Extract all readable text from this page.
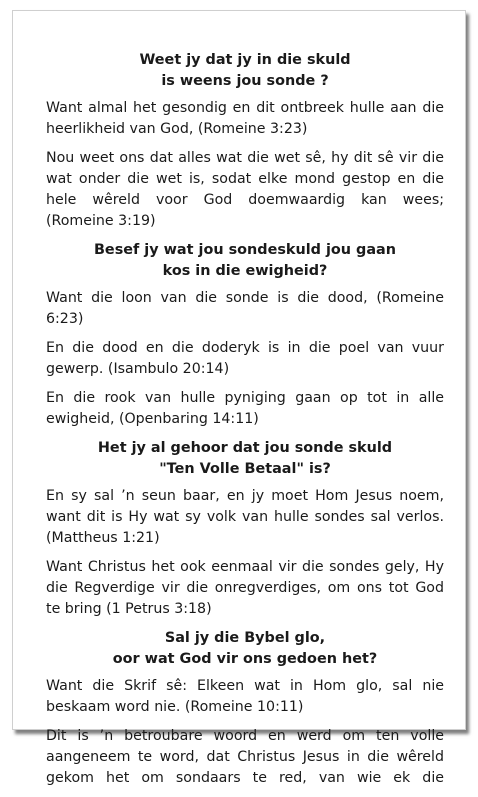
Weet jy dat jy in die skuld
is weens jou sonde ?

Want almal het gesondig en dit ontbreek hulle aan die heerlikheid van God, (Romeine 3:23)

Nou weet ons dat alles wat die wet sê, hy dit sê vir die wat onder die wet is, sodat elke mond gestop en die hele wêreld voor God doemwaardig kan wees; (Romeine 3:19)

Besef jy wat jou sondeskuld jou gaan
kos in die ewigheid?

Want die loon van die sonde is die dood, (Romeine 6:23)

En die dood en die doderyk is in die poel van vuur gewerp. (Isambulo 20:14)

En die rook van hulle pyniging gaan op tot in alle ewigheid, (Openbaring 14:11)

Het jy al gehoor dat jou sonde skuld
"Ten Volle Betaal" is?

En sy sal ’n seun baar, en jy moet Hom Jesus noem, want dit is Hy wat sy volk van hulle sondes sal verlos. (Mattheus 1:21)

Want Christus het ook eenmaal vir die sondes gely, Hy die Regverdige vir die onregverdiges, om ons tot God te bring (1 Petrus 3:18)

Sal jy die Bybel glo,
oor wat God vir ons gedoen het?

Want die Skrif sê: Elkeen wat in Hom glo, sal nie beskaam word nie. (Romeine 10:11)

Dit is ’n betroubare woord en werd om ten volle aangeneem te word, dat Christus Jesus in die wêreld gekom het om sondaars te red, van wie ek die
